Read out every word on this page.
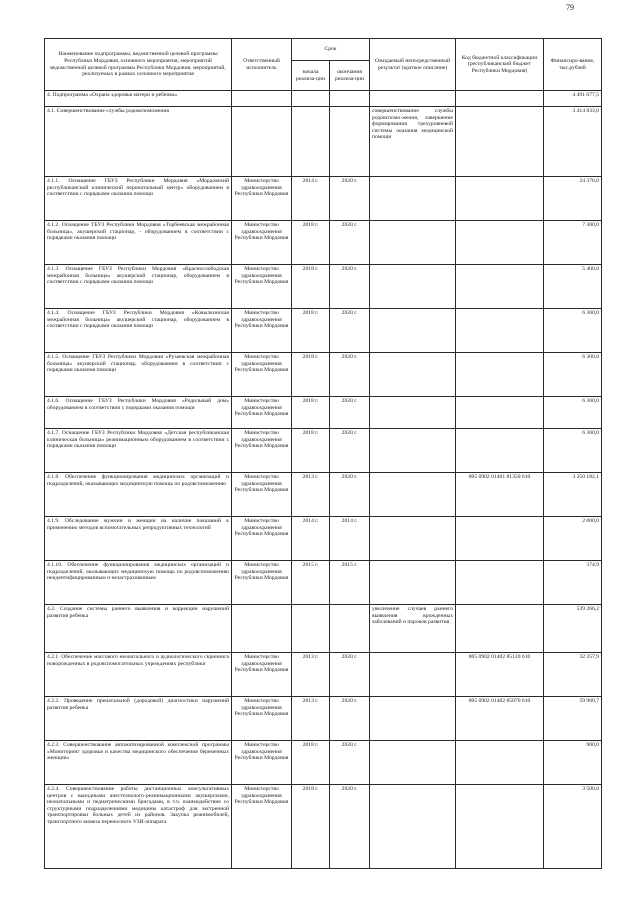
79
Наименование подпрограммы, ведомственной целевой программы Республики Мордовия, основного мероприятия, мероприятий ведомственной целевой программы Республики Мордовия, мероприятий, реализуемых в рамках основного мероприятия	Ответственный исполнитель	Срок		Ожидаемый непосредственный результат (краткое описание)	Код бюджетной классификации (республиканский бюджет Республики Мордовия)	Финансиро-вание, тыс.рублей
		начала реализа-ции	окончания реализа-ции			
4. Подпрограмма «Охрана здоровья матери и ребенка»						4 491 677,5
4.1. Совершенствование службы родовспоможения				совершенствование службы родовспомо-жения, завершение формирования трехуровневой системы оказания медицинской помощи		3 414 833,0
4.1.1. Оснащение ГБУЗ Республики Мордовия «Мордовский республиканский клинический перинатальный центр» оборудованием в соответствии с порядками оказания помощи	Министерство здравоохранения Республики Мордовия	2014 г.	2020 г.			24 376,0
4.1.2. Оснащение ГБУЗ Республики Мордовия «Торбеевская межрайонная больница», акушерский стационар, - оборудованием в соответствии с порядками оказания помощи	Министерство здравоохранения Республики Мордовия	2018 г.	2020 г.			7 300,0
4.1.3. Оснащение ГБУЗ Республики Мордовия «Краснослободская межрайонная больница» акушерский стационар, оборудованием в соответствии с порядками оказания помощи	Министерство здравоохранения Республики Мордовия	2018 г.	2020 г.			5 400,0
4.1.4. Оснащение ГБУЗ Республики Мордовия «Ковылкинская межрайонная больница» акушерский стационар, оборудованием в соответствии с порядками оказания помощи	Министерство здравоохранения Республики Мордовия	2018 г.	2020 г.			6 300,0
4.1.5. Оснащение ГБУЗ Республики Мордовия «Рузаевская межрайонная больница» акушерский стационар, оборудованием в соответствии с порядками оказания помощи	Министерство здравоохранения Республики Мордовия	2018 г.	2020 г.			6 300,0
4.1.6. Оснащение ГБУЗ Республики Мордовия «Родильный дом» оборудованием в соответствии с порядками оказания помощи	Министерство здравоохранения Республики Мордовия	2018 г.	2020 г.			6 300,0
4.1.7. Оснащение ГБУЗ Республики Мордовия «Детская республиканская клиническая больница» реанимационным оборудованием в соответствии с порядками оказания помощи	Министерство здравоохранения Республики Мордовия	2018 г.	2020 г.			6 300,0
4.1.8. Обеспечение функционирования медицинских организаций и подразделений, оказывающих медицинскую помощь по родовспоможению	Министерство здравоохранения Республики Мордовия	2013 г.	2020 г.		805 0902 01401 81350 610	3 350 182,1
4.1.9. Обследование мужчин и женщин на наличие показаний к применению методов вспомогательных репродуктивных технологий	Министерство здравоохранения Республики Мордовия	2014 г.	2014 г.			2 000,0
4.1.10. Обеспечение функционирования медицинских организаций и подразделений, оказывающих медицинскую помощь по родовспоможению неидентифицированным и незастрахованным	Министерство здравоохранения Республики Мордовия	2015 г.	2015 г.			374,9
4.2. Создание системы раннего выявления и коррекции нарушений развития ребенка				увеличение случаев раннего выявления врожденных заболеваний и пороков развития		539 266,2
4.2.1. Обеспечение массового неонатального и аудиологического скрининга новорожденных в родовспомогательных учреждениях республики	Министерство здравоохранения Республики Мордовия	2013 г.	2020 г.		805 0902 01402 85120 610	32 257,9
4.2.2. Проведение пренатальной (дородовой) диагностики нарушений развития ребенка	Министерство здравоохранения Республики Мордовия	2013 г.	2020 г.		805 0902 01402 85070 610	59 960,7
4.2.3. Совершенствование автоматизированной комплексной программы «Мониторинг здоровья и качества медицинского обеспечения беременных женщин»	Министерство здравоохранения Республики Мордовия	2018 г.	2020 г.			900,0
4.2.4. Совершенствование работы дистанционных консультативных центров с выездными анестезиолого-реанимационными акушерскими, неонатальными и педиатрическими бригадами, в т.ч. взаимодействие со структурными подразделениями медицины катастроф для экстренной транспортировки больных детей из районов. Закупка реанимобилей, транспортного кювеза переносного УЗИ-аппарата	Министерство здравоохранения Республики Мордовия	2018 г.	2020 г.			3 500,0
